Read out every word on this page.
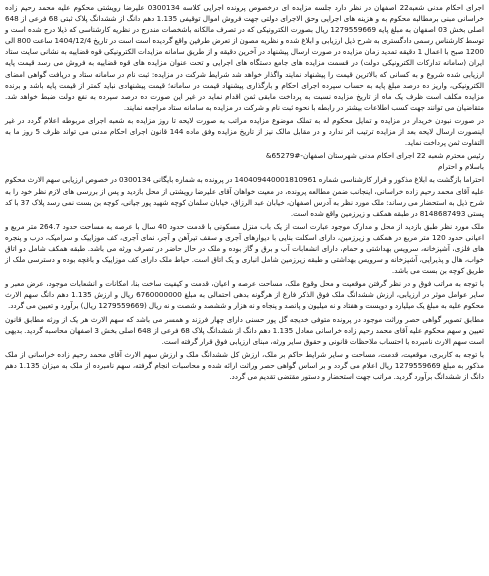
اجرای احکام مدنی شعبه22 اصفهان در نظر دارد جلسه مزایده ای درخصوص پرونده اجرایی کلاسه 0300134 علیرضا رویشتی محکوم علیه محمد رحیم زاده خراسانی مبنی برمطالبه محکوم به و هزینه های اجرایی وحق الاجرای دولتی جهت فروش اموال توقیفی 1.135 دهم دانگ از ششدانگ پلاک ثبتی 68 فرعی از 648 اصلی بخش 03 اصفهان به مبلغ پایه 1279559669 ریال بصورت الکترونیکی که در تصرف مالکانه باشخصات مندرج در نظریه کارشناسی که ذیلا درج شده است و توسط کارشناس رسمی دادگستری به شرح ذیل ارزیابی و ابلاغ شده و نظریه مصون از تعرض طرفین واقع گردیده است است در تاریخ 1404/12/4 ساعت 800 الی 1200 صبح با اعمال 1 دقیقه تمدید زمان مزایده در صورت ارسال پیشنهاد در آخرین دقیقه و از طریق سامانه مزایدات الکترونیکی قوه قضاییه به نشانی سایت ستاد ایران (سامانه تدارکات الکترونیکی دولت) در قسمت مزایده های جامع دستگاه های اجرایی و تحت عنوان مزایده های قوه قضاییه به فروش می رسد قیمت پایه ارزیابی شده شروع و به کسانی که بالاترین قیمت را پیشنهاد نمایند واگذار خواهد شد شرایط شرکت در مزایده: ثبت نام در سامانه ستاد و دریافت گواهی امضای الکترونیکی، واریز ده درصد مبلغ پایه به حساب سپرده اجرای احکام و بارگذاری پیشنهاد قیمت در سامانه؛ قیمت پیشنهادی نباید کمتر از قیمت پایه باشد و برنده مزایده مکلف است ظرف یک ماه از تاریخ مزایده نسبت به پرداخت مابقی ثمن اقدام نماید در غیر این صورت ده درصد سپرده به نفع دولت ضبط خواهد شد. متقاضیان می توانند جهت کسب اطلاعات بیشتر در رابطه با نحوه ثبت نام و شرکت در مزایده به سامانه ستاد مراجعه نمایند.

در صورت نبودن خریدار در مزایده و تمایل محکوم له به تملک موضوع مزایده مراتب به صورت لایحه تا روز مزایده به شعبه اجرای مربوطه اعلام گردد در غیر اینصورت ارسال لایحه بعد از مزایده ترتیب اثر ندارد و در مقابل مالک نیز از تاریخ مزایده وفق ماده 144 قانون اجرای احکام مدنی می تواند ظرف 5 روز ما به التفاوت ثمن پرداخت نماید.

رئیس محترم شعبه 22 اجرای احکام مدنی شهرستان اصفهان-#65279&

باسلام و احترام

احتراما بازگشت به ابلاغ مذکور و قرار کارشناسی شماره 140409440001810961 در پرونده به شماره بایگانی 0300134 در خصوص ارزیابی سهم الارث محکوم علیه آقای محمد رحیم زاده خراسانی، اینجانب ضمن مطالعه پرونده، در معیت خواهان آقای علیرضا رویشتی از محل بازدید و پس از بررسی های لازم نظر خود را به شرح ذیل به استحضار می رساند: ملک مورد نظر به آدرس اصفهان، خیابان عبد الرزاق، خیابان سلمان کوچه شهید پور جیانی، کوچه بن بست نمی رسد پلاک 37 با کد پستی 8148687493 در طبقه همکف و زیرزمین واقع شده است.

ملک مورد نظر طبق بازدید از محل و مدارک موجود عبارت است از یک باب منزل مسکونی با قدمت حدود 40 سال با عرصه به مساحت حدود 264.7 متر مربع و اعیانی حدود 120 متر مربع در همکف و زیرزمین، دارای اسکلت بنایی با دیوارهای آجری و سقف تیرآهن و آجر، نمای آجری، کف موزاییک و سرامیک، درب و پنجره های فلزی، آشپزخانه، سرویس بهداشتی و حمام، دارای انشعابات آب و برق و گاز بوده و ملک در حال حاضر در تصرف ورثه می باشد. طبقه همکف شامل دو اتاق خواب، هال و پذیرایی، آشپزخانه و سرویس بهداشتی و طبقه زیرزمین شامل انباری و یک اتاق است. حیاط ملک دارای کف موزاییک و باغچه بوده و دسترسی ملک از طریق کوچه بن بست می باشد.

با توجه به مراتب فوق و در نظر گرفتن موقعیت و محل وقوع ملک، مساحت عرصه و اعیان، قدمت و کیفیت ساخت بنا، امکانات و انشعابات موجود، عرض معبر و سایر عوامل موثر در ارزیابی، ارزش ششدانگ ملک فوق الذکر فارغ از هرگونه بدهی احتمالی به مبلغ 6760000000 ریال و ارزش 1.135 دهم دانگ سهم الارث محکوم علیه به مبلغ یک میلیارد و دویست و هفتاد و نه میلیون و پانصد و پنجاه و نه هزار و ششصد و شصت و نه ریال (1279559669 ریال) برآورد و تعیین می گردد.

مطابق تصویر گواهی حصر وراثت موجود در پرونده متوفی خدیجه گل پور حسنی دارای چهار فرزند و همسر می باشد که سهم الارث هر یک از ورثه مطابق قانون تعیین و سهم محکوم علیه آقای محمد رحیم زاده خراسانی معادل 1.135 دهم دانگ از ششدانگ پلاک 68 فرعی از 648 اصلی بخش 3 اصفهان محاسبه گردید. بدیهی است سهم الارث نامبرده با احتساب ملاحظات قانونی و حقوق سایر ورثه، مبنای ارزیابی فوق قرار گرفته است.

با توجه به کاربری، موقعیت، قدمت، مساحت و سایر شرایط حاکم بر ملک، ارزش کل ششدانگ ملک و ارزش سهم الارث آقای محمد رحیم زاده خراسانی از ملک مذکور به مبلغ 1279559669 ریال اعلام می گردد و بر اساس گواهی حصر وراثت ارائه شده و محاسبات انجام گرفته، سهم نامبرده از ملک به میزان 1.135 دهم دانگ از ششدانگ برآورد گردید. مراتب جهت استحضار و دستور مقتضی تقدیم می گردد.
